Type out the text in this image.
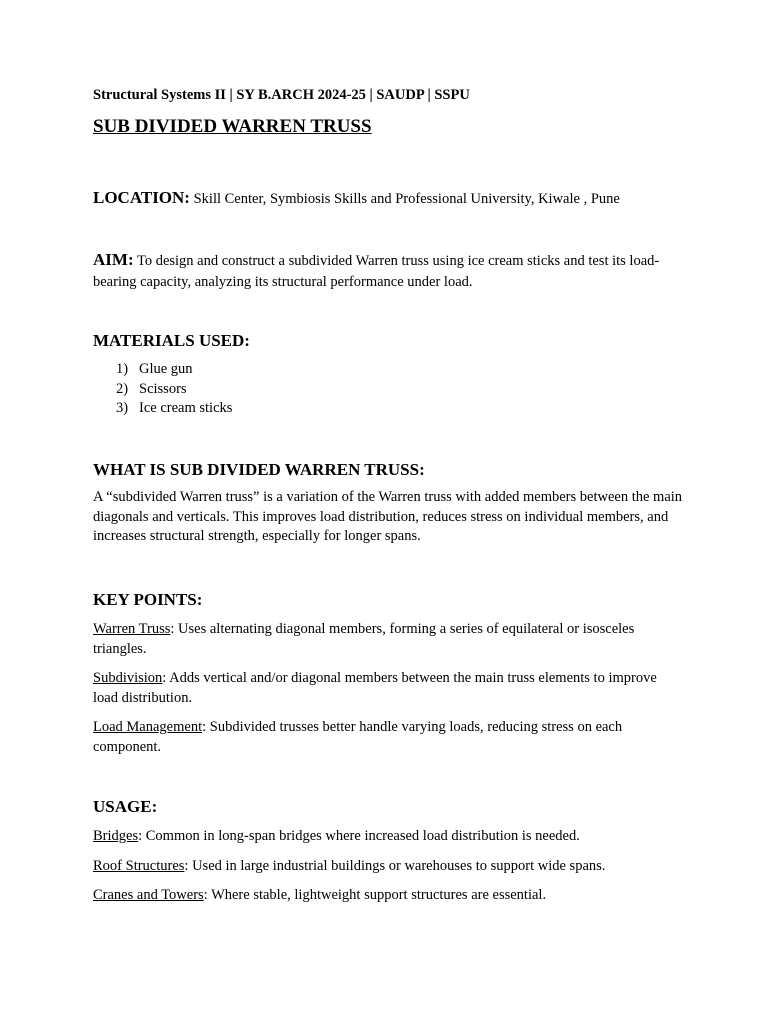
Structural Systems II | SY B.ARCH 2024-25 | SAUDP | SSPU
SUB DIVIDED WARREN TRUSS
LOCATION: Skill Center, Symbiosis Skills and Professional University, Kiwale , Pune
AIM: To design and construct a subdivided Warren truss using ice cream sticks and test its load-bearing capacity, analyzing its structural performance under load.
MATERIALS USED:
1) Glue gun
2) Scissors
3) Ice cream sticks
WHAT IS SUB DIVIDED WARREN TRUSS:

A “subdivided Warren truss” is a variation of the Warren truss with added members between the main diagonals and verticals. This improves load distribution, reduces stress on individual members, and increases structural strength, especially for longer spans.

KEY POINTS:

Warren Truss: Uses alternating diagonal members, forming a series of equilateral or isosceles triangles.

Subdivision: Adds vertical and/or diagonal members between the main truss elements to improve load distribution.

Load Management: Subdivided trusses better handle varying loads, reducing stress on each component.

USAGE:

Bridges: Common in long-span bridges where increased load distribution is needed.

Roof Structures: Used in large industrial buildings or warehouses to support wide spans.

Cranes and Towers: Where stable, lightweight support structures are essential.
